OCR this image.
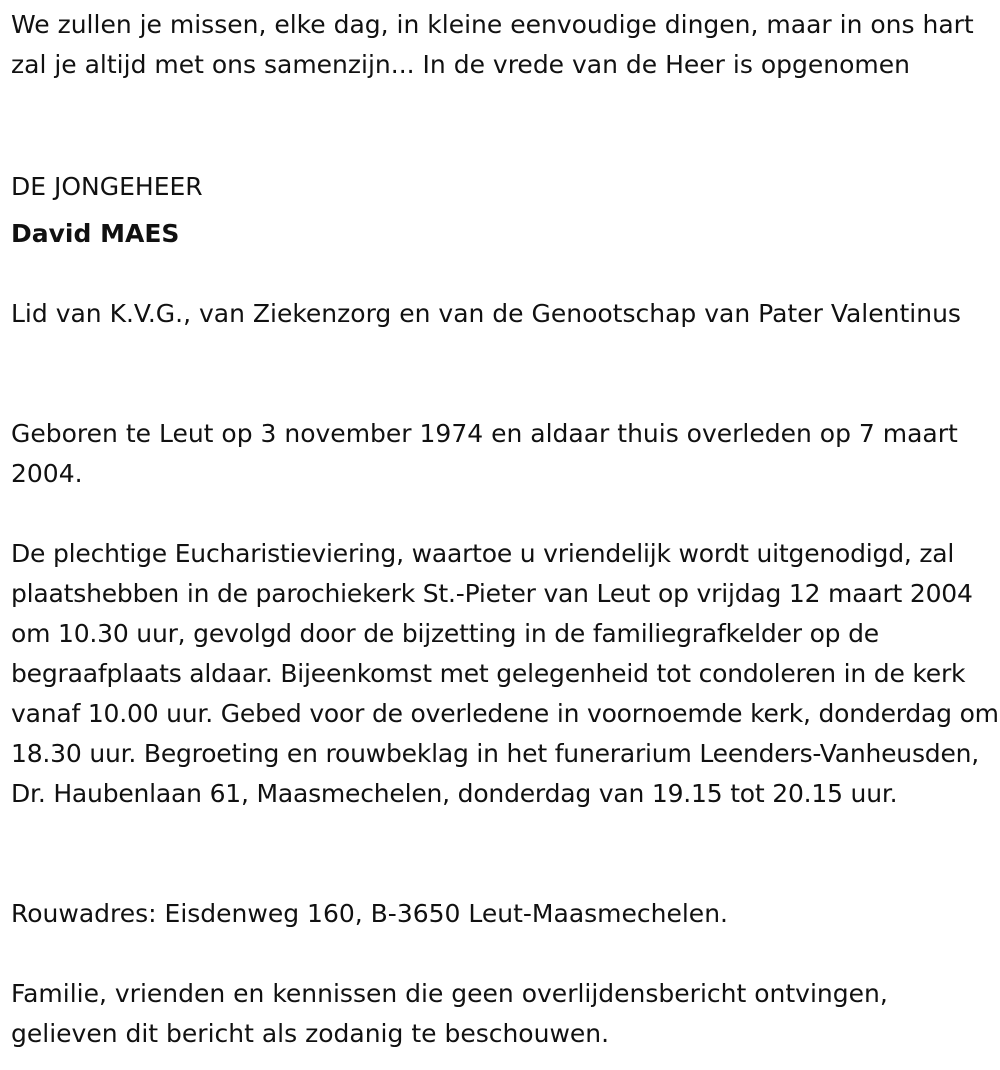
We zullen je missen, elke dag, in kleine eenvoudige dingen, maar in ons hart zal je altijd met ons samenzijn... In de vrede van de Heer is opgenomen

DE JONGEHEER
David MAES

Lid van K.V.G., van Ziekenzorg en van de Genootschap van Pater Valentinus

Geboren te Leut op 3 november 1974 en aldaar thuis overleden op 7 maart 2004.

De plechtige Eucharistieviering, waartoe u vriendelijk wordt uitgenodigd, zal plaatshebben in de parochiekerk St.-Pieter van Leut op vrijdag 12 maart 2004 om 10.30 uur, gevolgd door de bijzetting in de familiegrafkelder op de begraafplaats aldaar. Bijeenkomst met gelegenheid tot condoleren in de kerk vanaf 10.00 uur. Gebed voor de overledene in voornoemde kerk, donderdag om 18.30 uur. Begroeting en rouwbeklag in het funerarium Leenders-Vanheusden, Dr. Haubenlaan 61, Maasmechelen, donderdag van 19.15 tot 20.15 uur.

Rouwadres: Eisdenweg 160, B-3650 Leut-Maasmechelen.

Familie, vrienden en kennissen die geen overlijdensbericht ontvingen, gelieven dit bericht als zodanig te beschouwen.
